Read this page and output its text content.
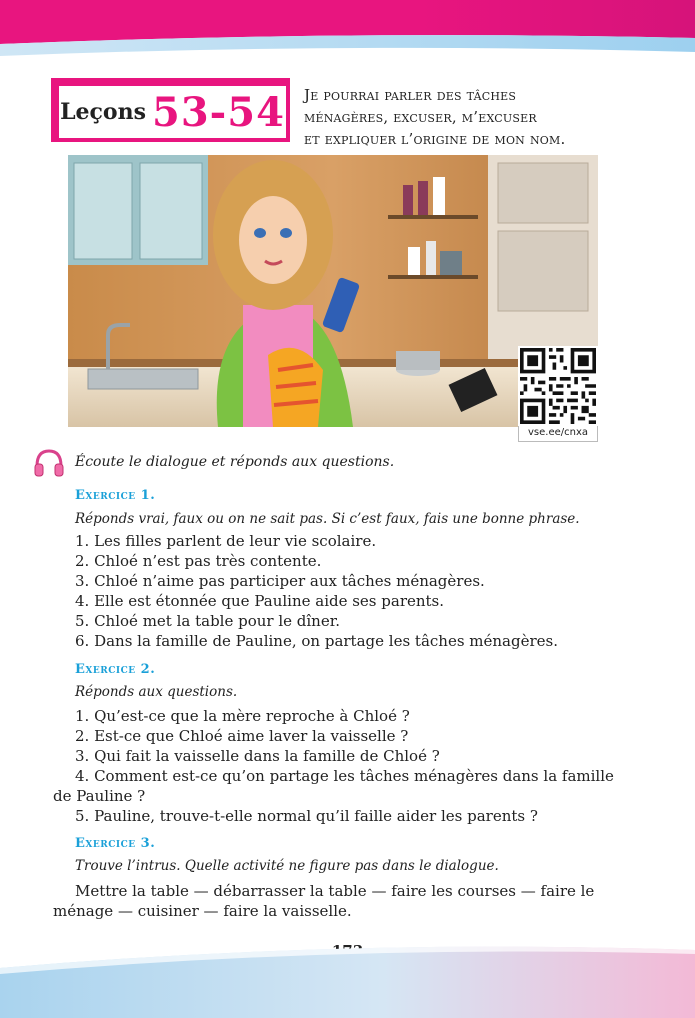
Leçons 53-54 Je pourrai parler des tâches
ménagères, excuser, m’excuser
et expliquer l’origine de mon nom.
vse.ee/cnxa
Écoute le dialogue et réponds aux questions.
Exercice 1.
Réponds vrai, faux ou on ne sait pas. Si c’est faux, fais une bonne phrase.
1. Les filles parlent de leur vie scolaire.
2. Chloé n’est pas très contente.
3. Chloé n’aime pas participer aux tâches ménagères.
4. Elle est étonnée que Pauline aide ses parents.
5. Chloé met la table pour le dîner.
6. Dans la famille de Pauline, on partage les tâches ménagères.
Exercice 2.
Réponds aux questions.
1. Qu’est-ce que la mère reproche à Chloé ?
2. Est-ce que Chloé aime laver la vaisselle ?
3. Qui fait la vaisselle dans la famille de Chloé ?
4. Comment est-ce qu’on partage les tâches ménagères dans la famille
de Pauline ?
5. Pauline, trouve-t-elle normal qu’il faille aider les parents ?
Exercice 3.
Trouve l’intrus. Quelle activité ne figure pas dans le dialogue.
Mettre la table — débarrasser la table — faire les courses — faire le
ménage — cuisiner — faire la vaisselle.
